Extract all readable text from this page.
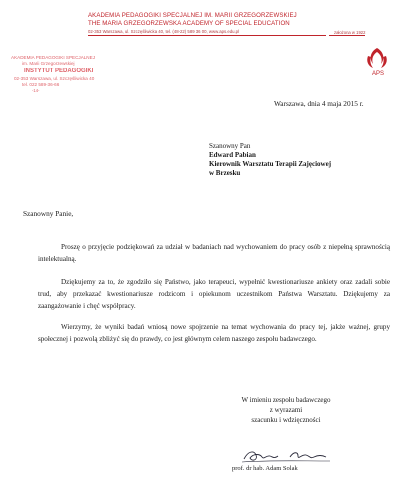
AKADEMIA PEDAGOGIKI SPECJALNEJ IM. MARII GRZEGORZEWSKIEJ
THE MARIA GRZEGORZEWSKA ACADEMY OF SPECIAL EDUCATION
02-353 Warszawa, ul. Szczęśliwicka 40, tel. (48-22) 589 36 00, www.aps.edu.pl	założona w 1922
APS
AKADEMIA PEDAGOGIKI SPECJALNEJ
im. Marii Grzegorzewskiej
INSTYTUT PEDAGOGIKI
02-353 Warszawa, ul. Szczęśliwicka 40
tel. 022 589-36-66
-14-
Warszawa, dnia 4 maja 2015 r.
Szanowny Pan
Edward Pabian
Kierownik Warsztatu Terapii Zajęciowej
w Brzesku
Szanowny Panie,
Proszę o przyjęcie podziękowań za udział w badaniach nad wychowaniem do pracy osób z niepełną sprawnością intelektualną.
Dziękujemy za to, że zgodziło się Państwo, jako terapeuci, wypełnić kwestionariusze ankiety oraz zadali sobie trud, aby przekazać kwestionariusze rodzicom i opiekunom uczestnikom Państwa Warsztatu. Dziękujemy za zaangażowanie i chęć współpracy.
Wierzymy, że wyniki badań wniosą nowe spojrzenie na temat wychowania do pracy tej, jakże ważnej, grupy społecznej i pozwolą zbliżyć się do prawdy, co jest głównym celem naszego zespołu badawczego.
W imieniu zespołu badawczego
z wyrazami
szacunku i wdzięczności
prof. dr hab. Adam Solak
